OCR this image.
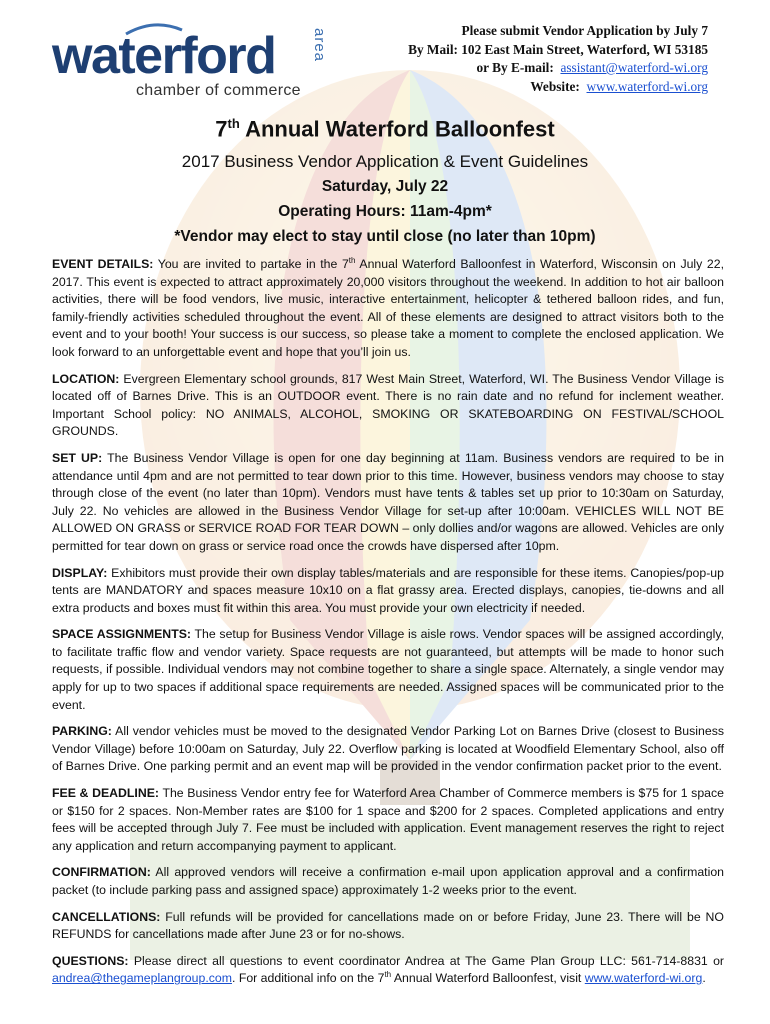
waterford area
chamber of commerce
Please submit Vendor Application by July 7
By Mail: 102 East Main Street, Waterford, WI 53185
or By E-mail: assistant@waterford-wi.org
Website: www.waterford-wi.org
7th Annual Waterford Balloonfest
2017 Business Vendor Application & Event Guidelines
Saturday, July 22
Operating Hours: 11am-4pm*
*Vendor may elect to stay until close (no later than 10pm)

EVENT DETAILS: You are invited to partake in the 7th Annual Waterford Balloonfest in Waterford, Wisconsin on July 22, 2017. This event is expected to attract approximately 20,000 visitors throughout the weekend. In addition to hot air balloon activities, there will be food vendors, live music, interactive entertainment, helicopter & tethered balloon rides, and fun, family-friendly activities scheduled throughout the event. All of these elements are designed to attract visitors both to the event and to your booth! Your success is our success, so please take a moment to complete the enclosed application. We look forward to an unforgettable event and hope that you’ll join us.

LOCATION: Evergreen Elementary school grounds, 817 West Main Street, Waterford, WI. The Business Vendor Village is located off of Barnes Drive. This is an OUTDOOR event. There is no rain date and no refund for inclement weather. Important School policy: NO ANIMALS, ALCOHOL, SMOKING OR SKATEBOARDING ON FESTIVAL/SCHOOL GROUNDS.

SET UP: The Business Vendor Village is open for one day beginning at 11am. Business vendors are required to be in attendance until 4pm and are not permitted to tear down prior to this time. However, business vendors may choose to stay through close of the event (no later than 10pm). Vendors must have tents & tables set up prior to 10:30am on Saturday, July 22. No vehicles are allowed in the Business Vendor Village for set-up after 10:00am. VEHICLES WILL NOT BE ALLOWED ON GRASS or SERVICE ROAD FOR TEAR DOWN – only dollies and/or wagons are allowed. Vehicles are only permitted for tear down on grass or service road once the crowds have dispersed after 10pm.

DISPLAY: Exhibitors must provide their own display tables/materials and are responsible for these items. Canopies/pop-up tents are MANDATORY and spaces measure 10x10 on a flat grassy area. Erected displays, canopies, tie-downs and all extra products and boxes must fit within this area. You must provide your own electricity if needed.

SPACE ASSIGNMENTS: The setup for Business Vendor Village is aisle rows. Vendor spaces will be assigned accordingly, to facilitate traffic flow and vendor variety. Space requests are not guaranteed, but attempts will be made to honor such requests, if possible. Individual vendors may not combine together to share a single space. Alternately, a single vendor may apply for up to two spaces if additional space requirements are needed. Assigned spaces will be communicated prior to the event.

PARKING: All vendor vehicles must be moved to the designated Vendor Parking Lot on Barnes Drive (closest to Business Vendor Village) before 10:00am on Saturday, July 22. Overflow parking is located at Woodfield Elementary School, also off of Barnes Drive. One parking permit and an event map will be provided in the vendor confirmation packet prior to the event.

FEE & DEADLINE: The Business Vendor entry fee for Waterford Area Chamber of Commerce members is $75 for 1 space or $150 for 2 spaces. Non-Member rates are $100 for 1 space and $200 for 2 spaces. Completed applications and entry fees will be accepted through July 7. Fee must be included with application. Event management reserves the right to reject any application and return accompanying payment to applicant.

CONFIRMATION: All approved vendors will receive a confirmation e-mail upon application approval and a confirmation packet (to include parking pass and assigned space) approximately 1-2 weeks prior to the event.

CANCELLATIONS: Full refunds will be provided for cancellations made on or before Friday, June 23. There will be NO REFUNDS for cancellations made after June 23 or for no-shows.

QUESTIONS: Please direct all questions to event coordinator Andrea at The Game Plan Group LLC: 561-714-8831 or andrea@thegameplangroup.com. For additional info on the 7th Annual Waterford Balloonfest, visit www.waterford-wi.org.
